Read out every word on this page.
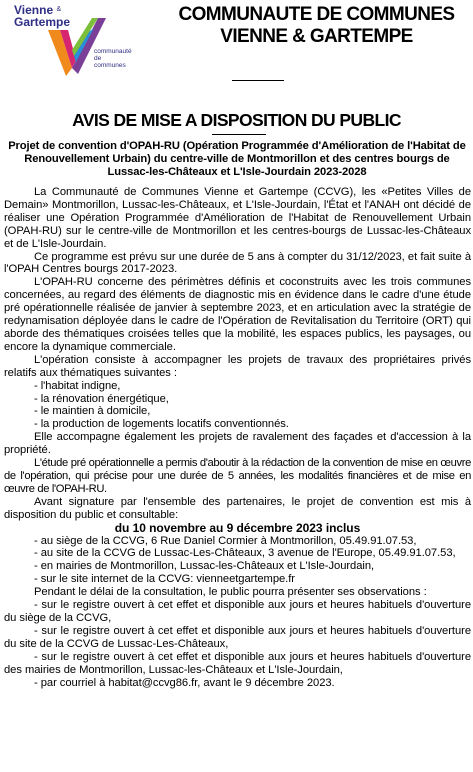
Vienne &
Gartempe
communauté
de communes
COMMUNAUTE DE COMMUNES
VIENNE & GARTEMPE
AVIS DE MISE A DISPOSITION DU PUBLIC
Projet de convention d'OPAH-RU (Opération Programmée d'Amélioration de l'Habitat de Renouvellement Urbain) du centre-ville de Montmorillon et des centres bourgs de Lussac-les-Châteaux et L'Isle-Jourdain 2023-2028

La Communauté de Communes Vienne et Gartempe (CCVG), les «Petites Villes de Demain» Montmorillon, Lussac-les-Châteaux, et L'Isle-Jourdain, l'État et l'ANAH ont décidé de réaliser une Opération Programmée d'Amélioration de l'Habitat de Renouvellement Urbain (OPAH-RU) sur le centre-ville de Montmorillon et les centres-bourgs de Lussac-les-Châteaux et de L'Isle-Jourdain.

Ce programme est prévu sur une durée de 5 ans à compter du 31/12/2023, et fait suite à l'OPAH Centres bourgs 2017-2023.

L'OPAH-RU concerne des périmètres définis et coconstruits avec les trois communes concernées, au regard des éléments de diagnostic mis en évidence dans le cadre d'une étude pré opérationnelle réalisée de janvier à septembre 2023, et en articulation avec la stratégie de redynamisation déployée dans le cadre de l'Opération de Revitalisation du Territoire (ORT) qui aborde des thématiques croisées telles que la mobilité, les espaces publics, les paysages, ou encore la dynamique commerciale.

L'opération consiste à accompagner les projets de travaux des propriétaires privés relatifs aux thématiques suivantes :

- l'habitat indigne,
- la rénovation énergétique,
- le maintien à domicile,
- la production de logements locatifs conventionnés.

Elle accompagne également les projets de ravalement des façades et d'accession à la propriété.

L'étude pré opérationnelle a permis d'aboutir à la rédaction de la convention de mise en œuvre de l'opération, qui précise pour une durée de 5 années, les modalités financières et de mise en œuvre de l'OPAH-RU.

Avant signature par l'ensemble des partenaires, le projet de convention est mis à disposition du public et consultable:

du 10 novembre au 9 décembre 2023 inclus
- au siège de la CCVG, 6 Rue Daniel Cormier à Montmorillon, 05.49.91.07.53,
- au site de la CCVG de Lussac-Les-Châteaux, 3 avenue de l'Europe, 05.49.91.07.53,
- en mairies de Montmorillon, Lussac-les-Châteaux et L'Isle-Jourdain,
- sur le site internet de la CCVG: vienneetgartempe.fr

Pendant le délai de la consultation, le public pourra présenter ses observations :

- sur le registre ouvert à cet effet et disponible aux jours et heures habituels d'ouverture du siège de la CCVG,
- sur le registre ouvert à cet effet et disponible aux jours et heures habituels d'ouverture du site de la CCVG de Lussac-Les-Châteaux,
- sur le registre ouvert à cet effet et disponible aux jours et heures habituels d'ouverture des mairies de Montmorillon, Lussac-les-Châteaux et L'Isle-Jourdain,
- par courriel à habitat@ccvg86.fr, avant le 9 décembre 2023.
